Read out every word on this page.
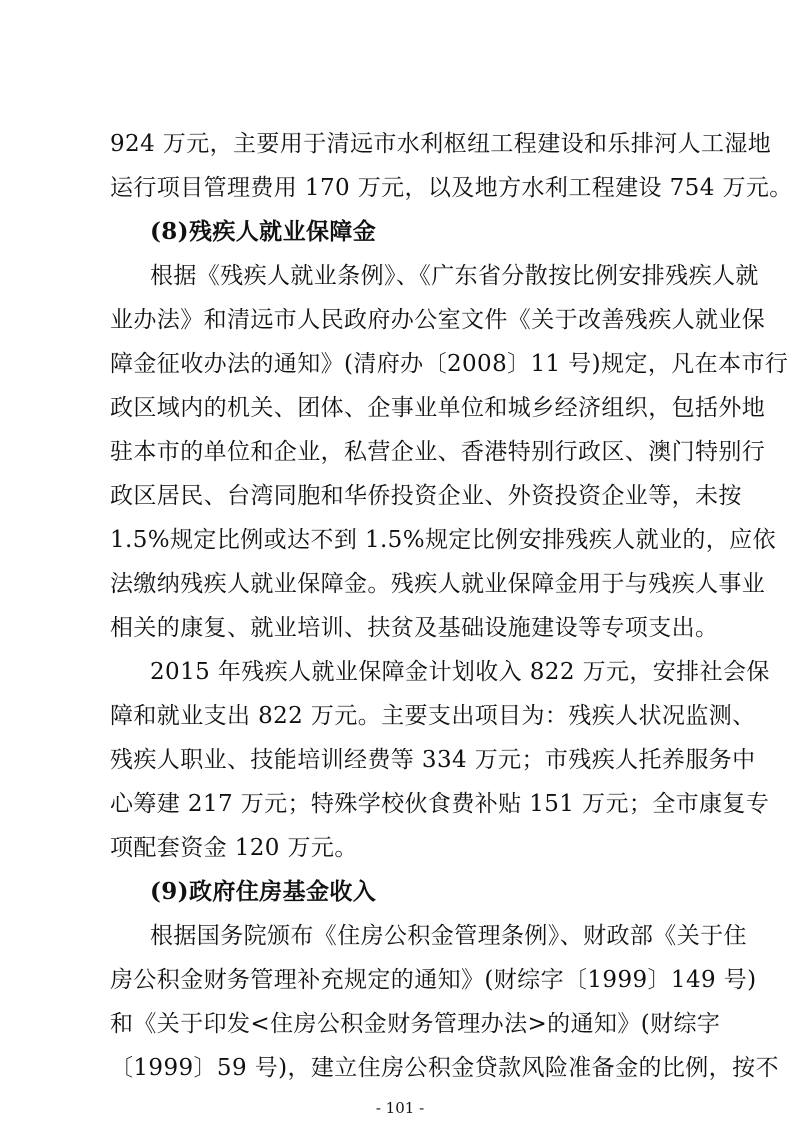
924 万元，主要用于清远市水利枢纽工程建设和乐排河人工湿地
运行项目管理费用 170 万元，以及地方水利工程建设 754 万元。
(8)残疾人就业保障金
根据《残疾人就业条例》、《广东省分散按比例安排残疾人就
业办法》和清远市人民政府办公室文件《关于改善残疾人就业保
障金征收办法的通知》(清府办〔2008〕11 号)规定，凡在本市行
政区域内的机关、团体、企事业单位和城乡经济组织，包括外地
驻本市的单位和企业，私营企业、香港特别行政区、澳门特别行
政区居民、台湾同胞和华侨投资企业、外资投资企业等，未按
1.5%规定比例或达不到 1.5%规定比例安排残疾人就业的，应依
法缴纳残疾人就业保障金。残疾人就业保障金用于与残疾人事业
相关的康复、就业培训、扶贫及基础设施建设等专项支出。
2015 年残疾人就业保障金计划收入 822 万元，安排社会保
障和就业支出 822 万元。主要支出项目为：残疾人状况监测、
残疾人职业、技能培训经费等 334 万元；市残疾人托养服务中
心筹建 217 万元；特殊学校伙食费补贴 151 万元；全市康复专
项配套资金 120 万元。
(9)政府住房基金收入
根据国务院颁布《住房公积金管理条例》、财政部《关于住
房公积金财务管理补充规定的通知》(财综字〔1999〕149 号)
和《关于印发<住房公积金财务管理办法>的通知》(财综字
- 101 -
〔1999〕59 号)，建立住房公积金贷款风险准备金的比例，按不
